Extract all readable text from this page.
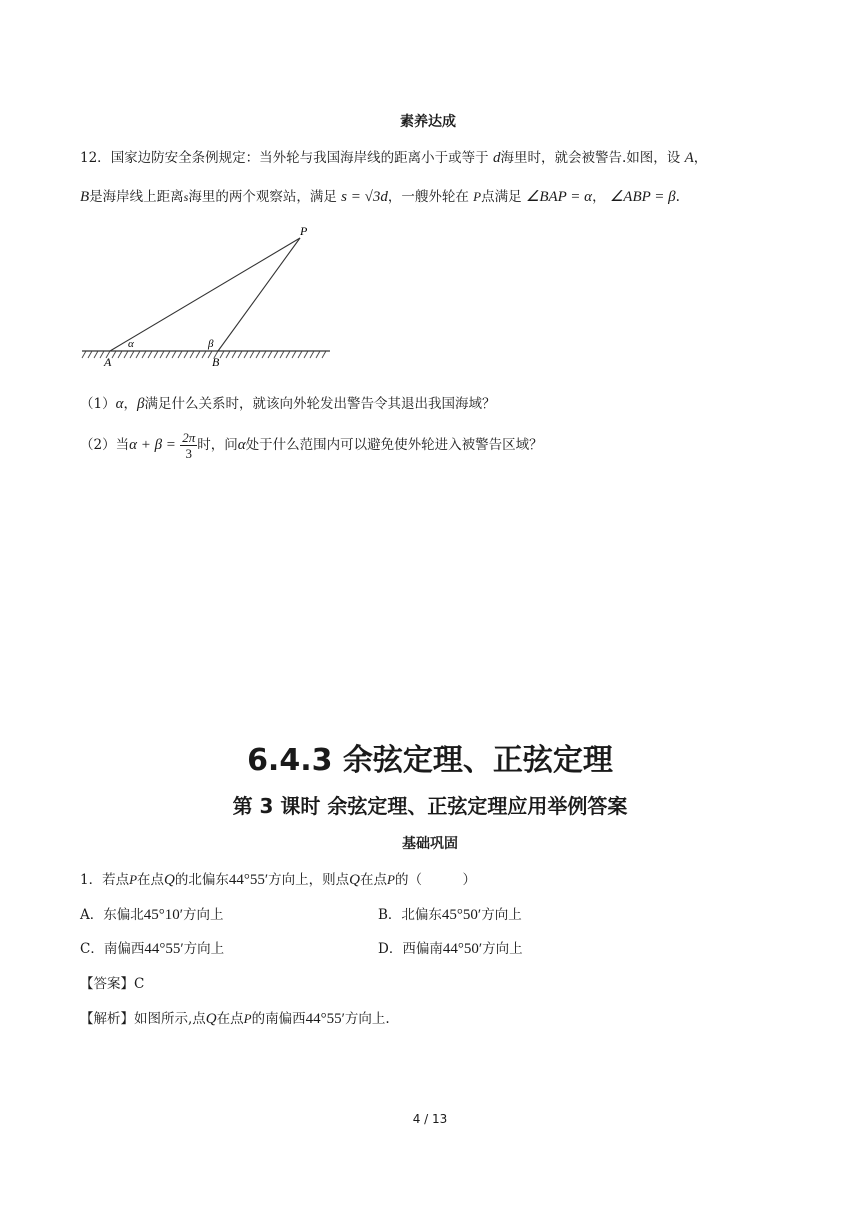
素养达成
12．国家边防安全条例规定：当外轮与我国海岸线的距离小于或等于 d海里时，就会被警告.如图，设 A，
B是海岸线上距离s海里的两个观察站，满足 s = √3d，一艘外轮在 P点满足 ∠BAP = α， ∠ABP = β.
P
α	β
A	B
（1）α，β满足什么关系时，就该向外轮发出警告令其退出我国海域？
（2）当$\alpha + \beta = \frac{2\pi}{3}$ 时，问α处于什么范围内可以避免使外轮进入被警告区域？
6.4.3 余弦定理、正弦定理
第 3 课时 余弦定理、正弦定理应用举例答案
基础巩固
1．若点P在点Q的北偏东44°55′方向上，则点Q在点P的（　　　）
A．东偏北45°10′方向上	B．北偏东45°50′方向上
C．南偏西44°55′方向上	D．西偏南44°50′方向上
【答案】C
【解析】如图所示,点Q在点P的南偏西44°55′方向上.
4 / 13
